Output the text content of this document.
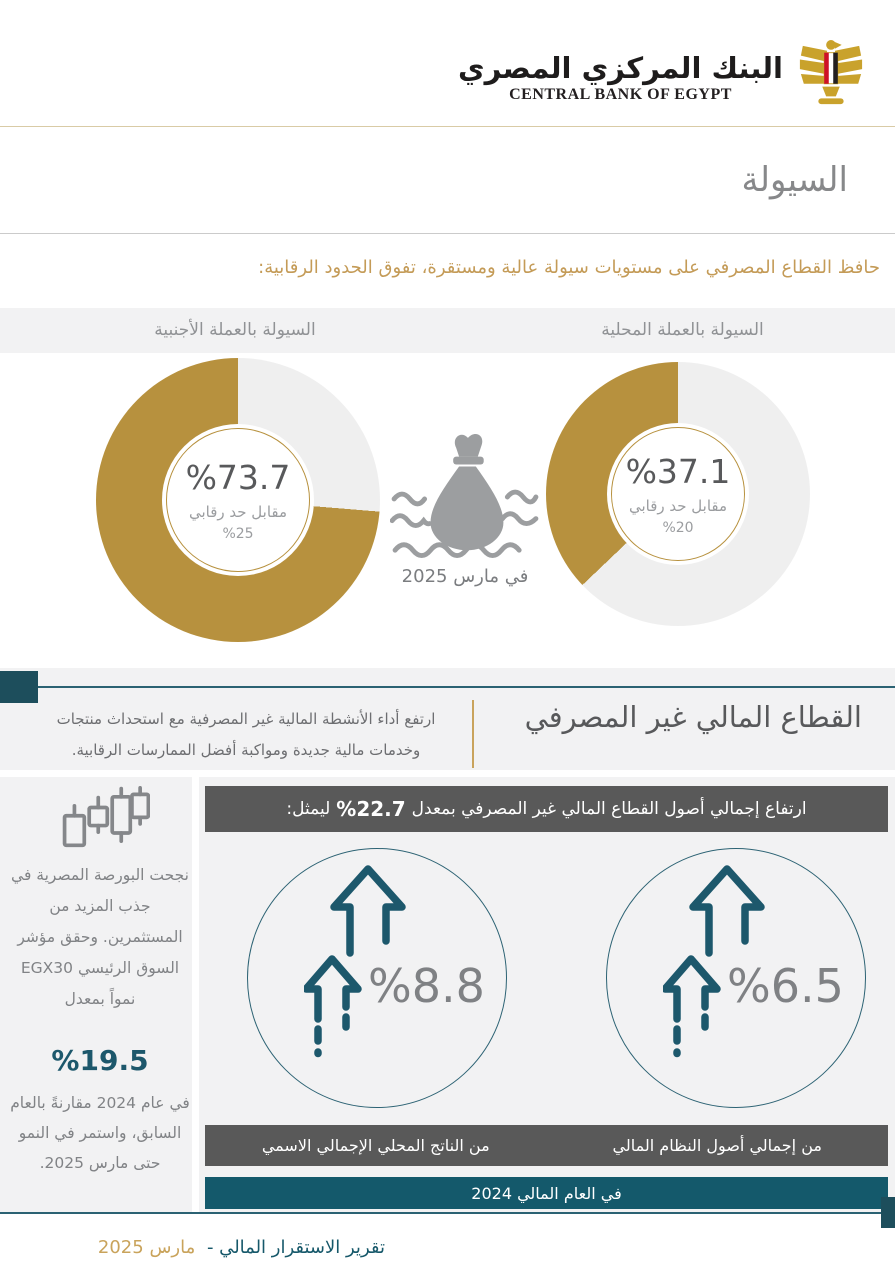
البنك المركزي المصري
CENTRAL BANK OF EGYPT
السيولة
حافظ القطاع المصرفي على مستويات سيولة عالية ومستقرة، تفوق الحدود الرقابية:
السيولة بالعملة الأجنبية	السيولة بالعملة المحلية
%73.7
مقابل حد رقابي
%25
%37.1
مقابل حد رقابي
%20
في مارس 2025
القطاع المالي غير المصرفي
ارتفع أداء الأنشطة المالية غير المصرفية مع استحداث منتجات
وخدمات مالية جديدة ومواكبة أفضل الممارسات الرقابية.
ارتفاع إجمالي أصول القطاع المالي غير المصرفي بمعدل
%22.7
ليمثل:
%8.8	%6.5
من إجمالي أصول النظام المالي
من الناتج المحلي الإجمالي الاسمي
في العام المالي 2024
نجحت البورصة المصرية في جذب المزيد من المستثمرين. وحقق مؤشر السوق الرئيسي EGX30 نمواً بمعدل
%19.5
في عام 2024 مقارنةً بالعام السابق، واستمر في النمو حتى مارس 2025.
تقرير الاستقرار المالي - مارس 2025
